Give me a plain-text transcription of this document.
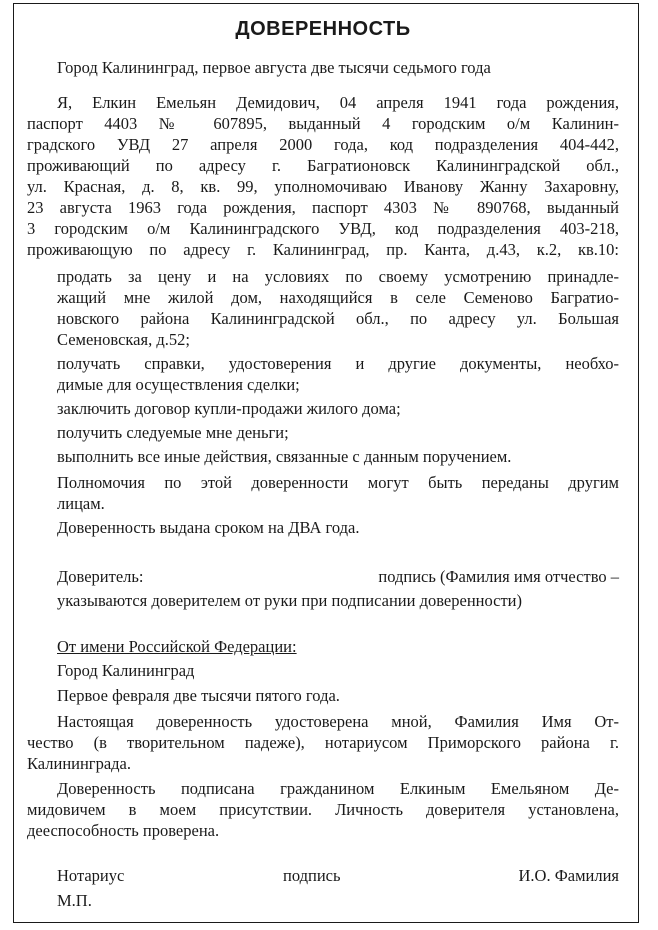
ДОВЕРЕННОСТЬ
Город Калининград, первое августа две тысячи седьмого года
Я, Елкин Емельян Демидович, 04 апреля 1941 года рождения,
паспорт 4403 № 607895, выданный 4 городским о/м Калинин-
градского УВД 27 апреля 2000 года, код подразделения 404-442,
проживающий по адресу г. Багратионовск Калининградской обл.,
ул. Красная, д. 8, кв. 99, уполномочиваю Иванову Жанну Захаровну,
23 августа 1963 года рождения, паспорт 4303 № 890768, выданный
3 городским о/м Калининградского УВД, код подразделения 403-218,
проживающую по адресу г. Калининград, пр. Канта, д.43, к.2, кв.10:
продать за цену и на условиях по своему усмотрению принадле-
жащий мне жилой дом, находящийся в селе Семеново Багратио-
новского района Калининградской обл., по адресу ул. Большая
Семеновская, д.52;
получать справки, удостоверения и другие документы, необхо-
димые для осуществления сделки;
заключить договор купли-продажи жилого дома;
получить следуемые мне деньги;
выполнить все иные действия, связанные с данным поручением.
Полномочия по этой доверенности могут быть переданы другим
лицам.
Доверенность выдана сроком на ДВА года.
Доверитель:	подпись (Фамилия имя отчество –
указываются доверителем от руки при подписании доверенности)
От имени Российской Федерации:
Город Калининград
Первое февраля две тысячи пятого года.
Настоящая доверенность удостоверена мной, Фамилия Имя От-
чество (в творительном падеже), нотариусом Приморского района г.
Калининграда.
Доверенность подписана гражданином Елкиным Емельяном Де-
мидовичем в моем присутствии. Личность доверителя установлена,
дееспособность проверена.
Нотариус	подпись	И.О. Фамилия
М.П.
